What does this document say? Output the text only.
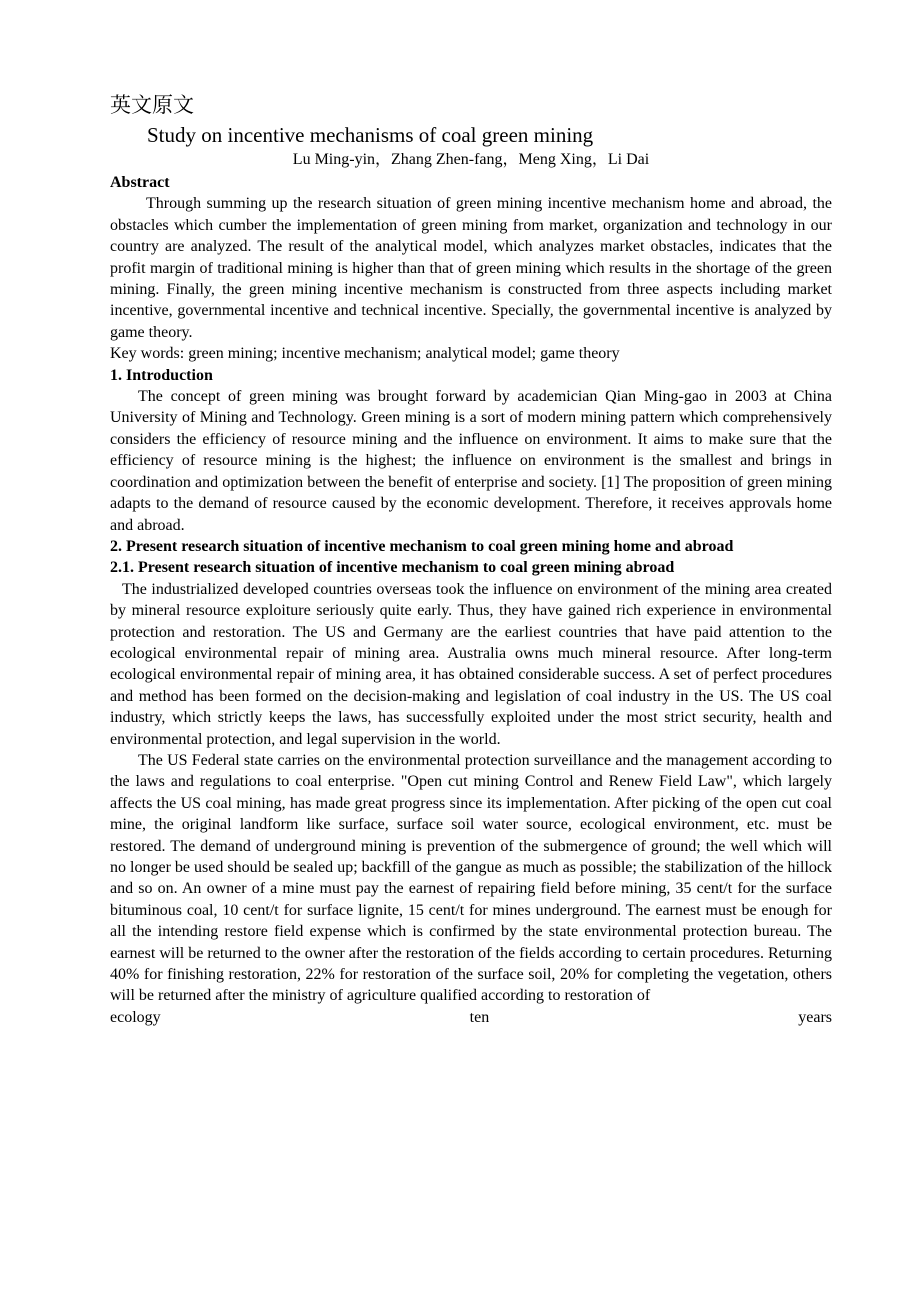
英文原文
Study on incentive mechanisms of coal green mining
Lu Ming-yin，Zhang Zhen-fang，Meng Xing，Li Dai
Abstract

Through summing up the research situation of green mining incentive mechanism home and abroad, the obstacles which cumber the implementation of green mining from market, organization and technology in our country are analyzed. The result of the analytical model, which analyzes market obstacles, indicates that the profit margin of traditional mining is higher than that of green mining which results in the shortage of the green mining. Finally, the green mining incentive mechanism is constructed from three aspects including market incentive, governmental incentive and technical incentive. Specially, the governmental incentive is analyzed by game theory.

Key words: green mining; incentive mechanism; analytical model; game theory
1. Introduction

The concept of green mining was brought forward by academician Qian Ming-gao in 2003 at China University of Mining and Technology. Green mining is a sort of modern mining pattern which comprehensively considers the efficiency of resource mining and the influence on environment. It aims to make sure that the efficiency of resource mining is the highest; the influence on environment is the smallest and brings in coordination and optimization between the benefit of enterprise and society. [1] The proposition of green mining adapts to the demand of resource caused by the economic development. Therefore, it receives approvals home and abroad.

2. Present research situation of incentive mechanism to coal green mining home and abroad
2.1. Present research situation of incentive mechanism to coal green mining abroad

The industrialized developed countries overseas took the influence on environment of the mining area created by mineral resource exploiture seriously quite early. Thus, they have gained rich experience in environmental protection and restoration. The US and Germany are the earliest countries that have paid attention to the ecological environmental repair of mining area. Australia owns much mineral resource. After long-term ecological environmental repair of mining area, it has obtained considerable success. A set of perfect procedures and method has been formed on the decision-making and legislation of coal industry in the US. The US coal industry, which strictly keeps the laws, has successfully exploited under the most strict security, health and environmental protection, and legal supervision in the world.

The US Federal state carries on the environmental protection surveillance and the management according to the laws and regulations to coal enterprise. "Open cut mining Control and Renew Field Law", which largely affects the US coal mining, has made great progress since its implementation. After picking of the open cut coal mine, the original landform like surface, surface soil water source, ecological environment, etc. must be restored. The demand of underground mining is prevention of the submergence of ground; the well which will no longer be used should be sealed up; backfill of the gangue as much as possible; the stabilization of the hillock and so on. An owner of a mine must pay the earnest of repairing field before mining, 35 cent/t for the surface bituminous coal, 10 cent/t for surface lignite, 15 cent/t for mines underground. The earnest must be enough for all the intending restore field expense which is confirmed by the state environmental protection bureau. The earnest will be returned to the owner after the restoration of the fields according to certain procedures. Returning 40% for finishing restoration, 22% for restoration of the surface soil, 20% for completing the vegetation, others will be returned after the ministry of agriculture qualified according to restoration of

ecology	ten	years
